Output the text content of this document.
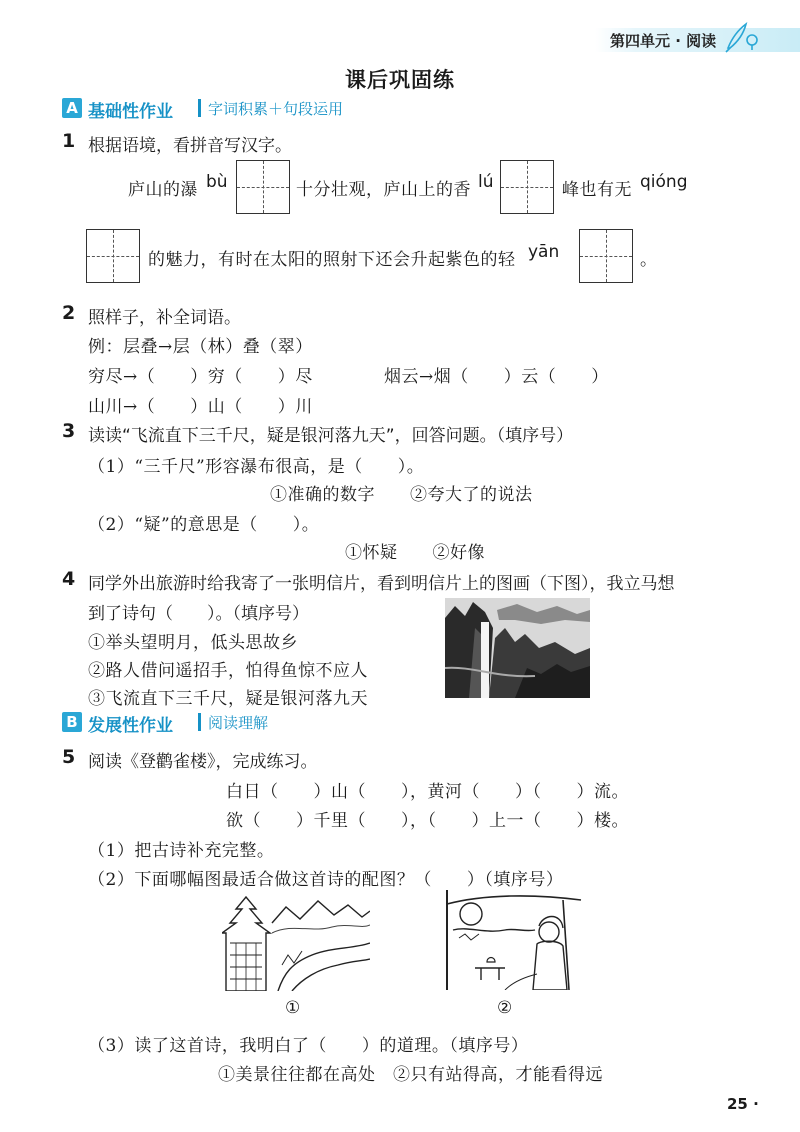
第四单元 · 阅读
课后巩固练
A 基础性作业 字词积累＋句段运用
1 根据语境，看拼音写汉字。
庐山的瀑 bù	十分壮观，庐山上的香 lú	峰也有无 qióng
的魅力，有时在太阳的照射下还会升起紫色的轻 yān	。
2 照样子，补全词语。
例：层叠→层（林）叠（翠）
穷尽→（　　）穷（　　）尽	烟云→烟（　　）云（　　）
山川→（　　）山（　　）川
3 读读“飞流直下三千尺，疑是银河落九天”，回答问题。（填序号）
（1）“三千尺”形容瀑布很高，是（　　）。
①准确的数字　　②夸大了的说法
（2）“疑”的意思是（　　）。
①怀疑　　②好像
4 同学外出旅游时给我寄了一张明信片，看到明信片上的图画（下图），我立马想
到了诗句（　　）。（填序号）
①举头望明月，低头思故乡
②路人借问遥招手，怕得鱼惊不应人
③飞流直下三千尺，疑是银河落九天
B 发展性作业 阅读理解
5 阅读《登鹳雀楼》，完成练习。
白日（　　）山（　　），黄河（　　）（　　）流。
欲（　　）千里（　　），（　　）上一（　　）楼。
（1）把古诗补充完整。
（2）下面哪幅图最适合做这首诗的配图？（　　）（填序号）
①	②
（3）读了这首诗，我明白了（　　）的道理。（填序号）
①美景往往都在高处　②只有站得高，才能看得远
25 ·
